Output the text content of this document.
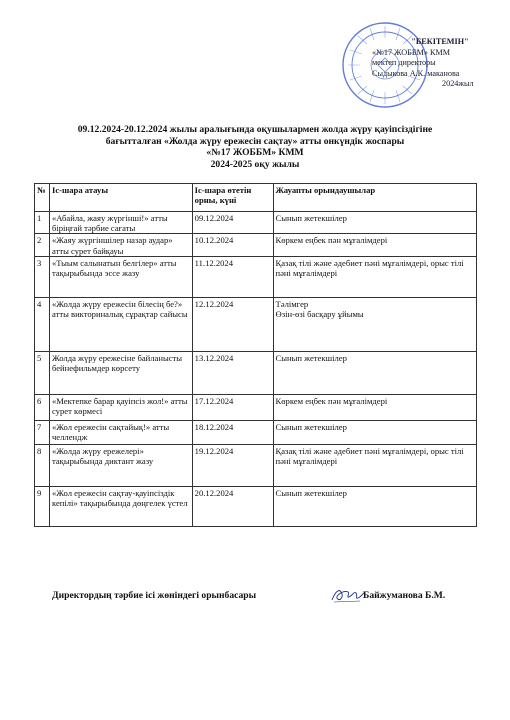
"БЕКІТЕМІН"
«№17 ЖОББМ» КММ
мектеп директоры
Сыдыкова А.К. маканова
2024жыл
09.12.2024-20.12.2024 жылы аралығында оқушылармен жолда жүру қауіпсіздігіне
бағытталған «Жолда жүру ережесін сақтау» атты онкүндік жоспары
«№17 ЖОББМ» КММ
2024-2025 оқу жылы
№	Іс-шара атауы	Іс-шара өтетін орны, күні	Жауапты орындаушылар
1	«Абайла, жаяу жүргінші!» атты біріңғай тәрбие сағаты	09.12.2024	Сынып жетекшілер
2	«Жаяу жүргіншілер назар аудар» атты сурет байқауы	10.12.2024	Көркем еңбек пән мұғалімдері
3	«Тыым салынатын белгілер» атты тақырыбында эссе жазу	11.12.2024	Қазақ тілі және әдебиет пәні мұғалімдері, орыс тілі пәні мұғалімдері
4	«Жолда жүру ережесін білесің бе?» атты викториналық сұрақтар сайысы	12.12.2024	Тәлімгер
Өзін-өзі басқару ұйымы
5	Жолда жүру ережесіне байланысты бейнефильмдер көрсету	13.12.2024	Сынып жетекшілер
6	«Мектепке барар қауіпсіз жол!» атты сурет көрмесі	17.12.2024	Көркем еңбек пән мұғалімдері
7	«Жол ережесін сақтайық!» атты челлендж	18.12.2024	Сынып жетекшілер
8	«Жолда жүру ережелері» тақырыбында диктант жазу	19.12.2024	Қазақ тілі және әдебиет пәні мұғалімдері, орыс тілі пәні мұғалімдері
9	«Жол ережесін сақтау-қауіпсіздік кепілі» тақырыбында дөңгелек үстел	20.12.2024	Сынып жетекшілер
Директордың тәрбие ісі жөніндегі орынбасары	Байжуманова Б.М.
